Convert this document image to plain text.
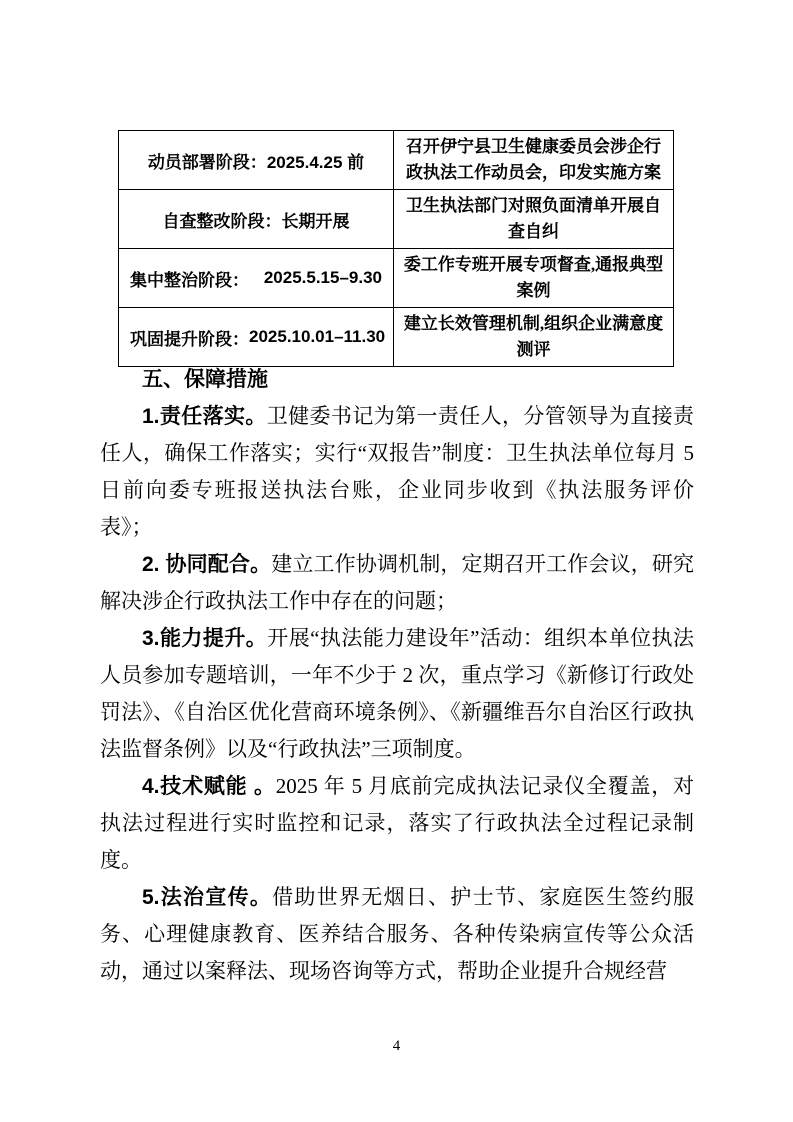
动员部署阶段： 2025.4.25 前	召开伊宁县卫生健康委员会涉企行政执法工作动员会，印发实施方案

自查整改阶段： 长期开展	卫生执法部门对照负面清单开展自查自纠

集中整治阶段： 2025.5.15–9.30	委工作专班开展专项督查,通报典型案例

巩固提升阶段： 2025.10.01–11.30	建立长效管理机制,组织企业满意度测评
五、保障措施

1.责任落实。卫健委书记为第一责任人，分管领导为直接责任人，确保工作落实；实行“双报告”制度：卫生执法单位每月 5 日前向委专班报送执法台账，企业同步收到《执法服务评价表》；

2. 协同配合。建立工作协调机制，定期召开工作会议，研究解决涉企行政执法工作中存在的问题；

3.能力提升。开展“执法能力建设年”活动：组织本单位执法人员参加专题培训，一年不少于 2 次，重点学习《新修订行政处罚法》、《自治区优化营商环境条例》、《新疆维吾尔自治区行政执法监督条例》以及“行政执法”三项制度。

4.技术赋能 。2025 年 5 月底前完成执法记录仪全覆盖，对执法过程进行实时监控和记录，落实了行政执法全过程记录制度。

5.法治宣传。借助世界无烟日、护士节、家庭医生签约服务、心理健康教育、医养结合服务、各种传染病宣传等公众活动，通过以案释法、现场咨询等方式，帮助企业提升合规经营

4
